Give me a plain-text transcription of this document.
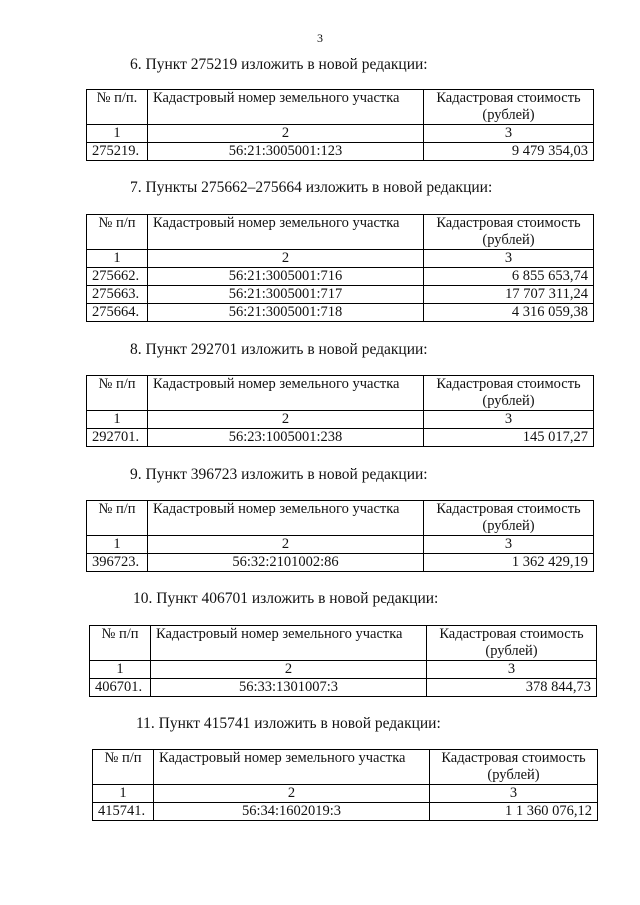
3
6. Пункт 275219 изложить в новой редакции:
№ п/п.	Кадастровый номер земельного участка	Кадастровая стоимость
(рублей)
1	2	3
275219.	56:21:3005001:123	9 479 354,03
7. Пункты 275662–275664 изложить в новой редакции:
№ п/п	Кадастровый номер земельного участка	Кадастровая стоимость
(рублей)
1	2	3
275662.	56:21:3005001:716	6 855 653,74
275663.	56:21:3005001:717	17 707 311,24
275664.	56:21:3005001:718	4 316 059,38
8. Пункт 292701 изложить в новой редакции:
№ п/п	Кадастровый номер земельного участка	Кадастровая стоимость
(рублей)
1	2	3
292701.	56:23:1005001:238	145 017,27
9. Пункт 396723 изложить в новой редакции:
№ п/п	Кадастровый номер земельного участка	Кадастровая стоимость
(рублей)
1	2	3
396723.	56:32:2101002:86	1 362 429,19
10. Пункт 406701 изложить в новой редакции:
№ п/п	Кадастровый номер земельного участка	Кадастровая стоимость
(рублей)
1	2	3
406701.	56:33:1301007:3	378 844,73
11. Пункт 415741 изложить в новой редакции:
№ п/п	Кадастровый номер земельного участка	Кадастровая стоимость
(рублей)
1	2	3
415741.	56:34:1602019:3	1 1 360 076,12
